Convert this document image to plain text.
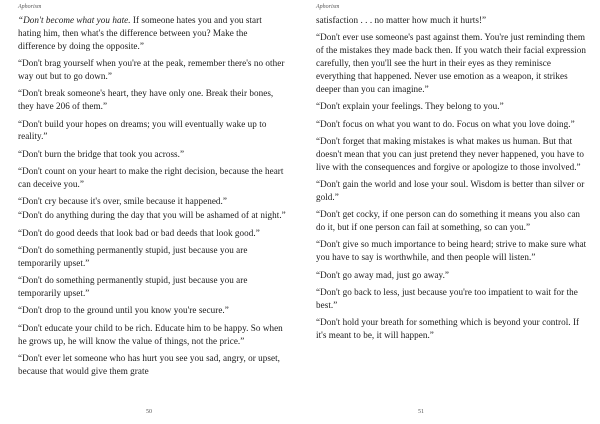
Aphorism

“Don't become what you hate. If someone hates you and you start hating him, then what's the difference between you? Make the difference by doing the opposite.”

“Don't brag yourself when you're at the peak, remember there's no other way out but to go down.”

“Don't break someone's heart, they have only one. Break their bones, they have 206 of them.”

“Don't build your hopes on dreams; you will eventually wake up to reality.”

“Don't burn the bridge that took you across.”

“Don't count on your heart to make the right decision, because the heart can deceive you.”

“Don't cry because it's over, smile because it happened.”

“Don't do anything during the day that you will be ashamed of at night.”

“Don't do good deeds that look bad or bad deeds that look good.”

“Don't do something permanently stupid, just because you are temporarily upset.”

“Don't do something permanently stupid, just because you are temporarily upset.”

“Don't drop to the ground until you know you're secure.”

“Don't educate your child to be rich. Educate him to be happy. So when he grows up, he will know the value of things, not the price.”

“Don't ever let someone who has hurt you see you sad, angry, or upset, because that would give them grate

50
Aphorism

satisfaction . . . no matter how much it hurts!”

“Don't ever use someone's past against them. You're just reminding them of the mistakes they made back then. If you watch their facial expression carefully, then you'll see the hurt in their eyes as they reminisce everything that happened. Never use emotion as a weapon, it strikes deeper than you can imagine.”

“Don't explain your feelings. They belong to you.”

“Don't focus on what you want to do. Focus on what you love doing.”

“Don't forget that making mistakes is what makes us human. But that doesn't mean that you can just pretend they never happened, you have to live with the consequences and forgive or apologize to those involved.”

“Don't gain the world and lose your soul. Wisdom is better than silver or gold.”

“Don't get cocky, if one person can do something it means you also can do it, but if one person can fail at something, so can you.”

“Don't give so much importance to being heard; strive to make sure what you have to say is worthwhile, and then people will listen.”

“Don't go away mad, just go away.”

“Don't go back to less, just because you're too impatient to wait for the best.”

“Don't hold your breath for something which is beyond your control. If it's meant to be, it will happen.”

51
